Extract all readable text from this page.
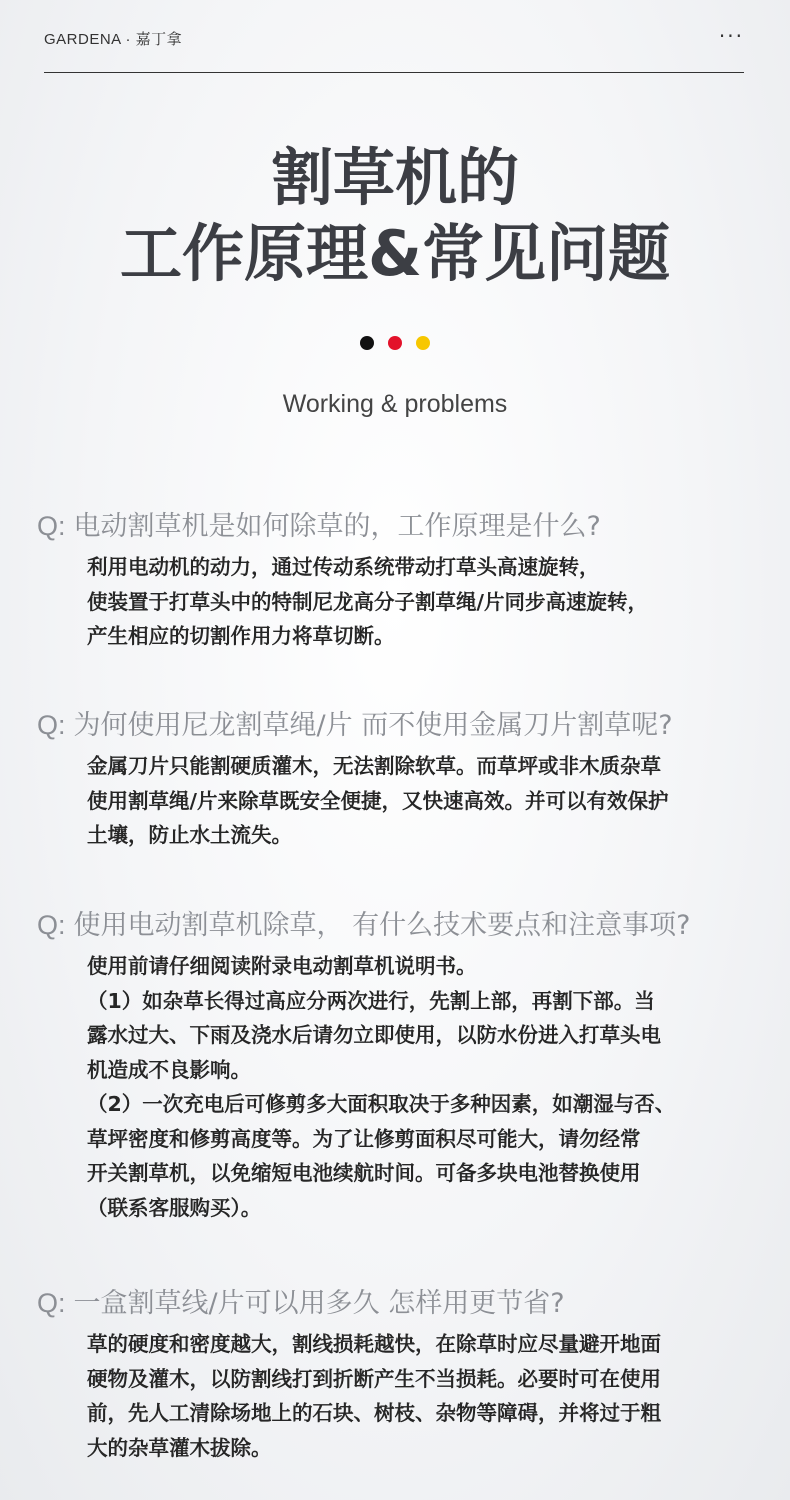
GARDENA · 嘉丁拿	···
割草机的
工作原理&常见问题

Working & problems
Q: 电动割草机是如何除草的，工作原理是什么?

利用电动机的动力，通过传动系统带动打草头高速旋转，

使装置于打草头中的特制尼龙高分子割草绳/片同步高速旋转，

产生相应的切割作用力将草切断。

Q: 为何使用尼龙割草绳/片 而不使用金属刀片割草呢?

金属刀片只能割硬质灌木，无法割除软草。而草坪或非木质杂草

使用割草绳/片来除草既安全便捷，又快速高效。并可以有效保护

土壤，防止水土流失。

Q: 使用电动割草机除草， 有什么技术要点和注意事项?

使用前请仔细阅读附录电动割草机说明书。

（1）如杂草长得过高应分两次进行，先割上部，再割下部。当

露水过大、下雨及浇水后请勿立即使用，以防水份进入打草头电

机造成不良影响。

（2）一次充电后可修剪多大面积取决于多种因素，如潮湿与否、

草坪密度和修剪高度等。为了让修剪面积尽可能大，请勿经常

开关割草机，以免缩短电池续航时间。可备多块电池替换使用

（联系客服购买）。

Q: 一盒割草线/片可以用多久 怎样用更节省?

草的硬度和密度越大，割线损耗越快，在除草时应尽量避开地面

硬物及灌木，以防割线打到折断产生不当损耗。必要时可在使用

前，先人工清除场地上的石块、树枝、杂物等障碍，并将过于粗

大的杂草灌木拔除。
